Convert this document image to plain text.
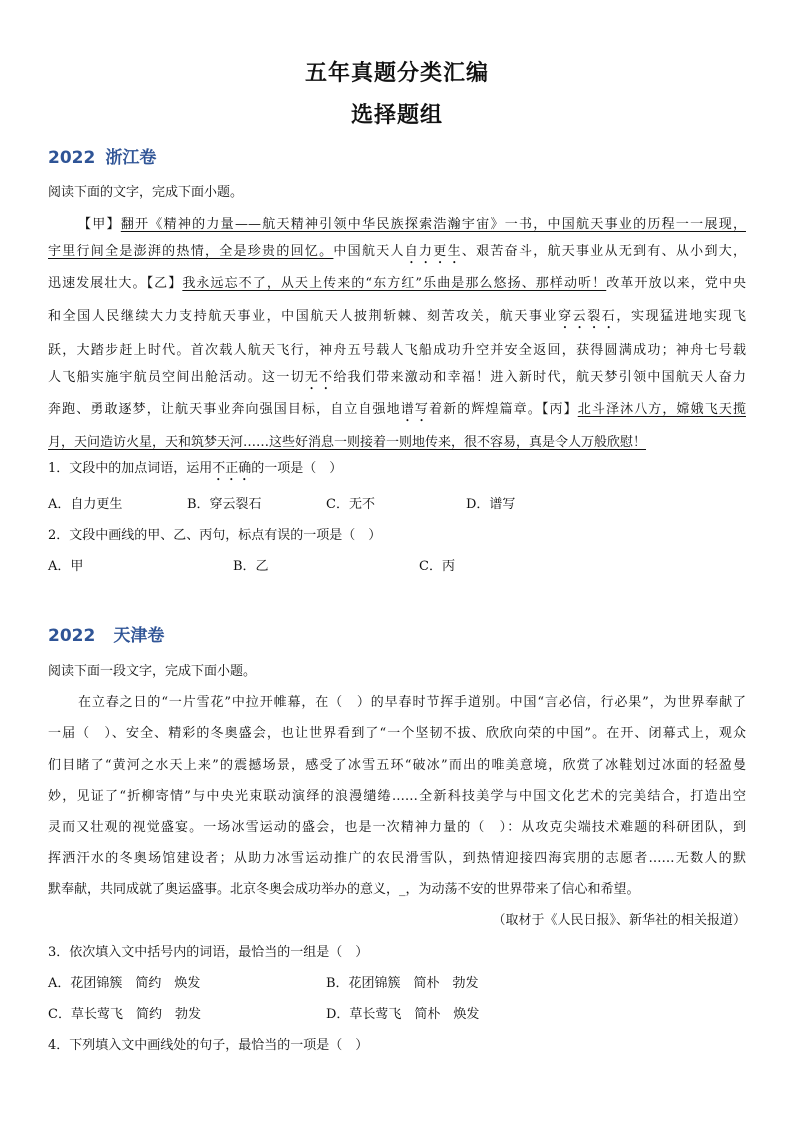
五年真题分类汇编
选择题组
2022 浙江卷
阅读下面的文字，完成下面小题。
【甲】翻开《精神的力量——航天精神引领中华民族探索浩瀚宇宙》一书，中国航天事业的历程一一展现，
宇里行间全是澎湃的热情，全是珍贵的回忆。中国航天人自力更生、艰苦奋斗，航天事业从无到有、从小到大，
迅速发展壮大。【乙】我永远忘不了，从天上传来的“东方红”乐曲是那么悠扬、那样动听！改革开放以来，党中央
和全国人民继续大力支持航天事业，中国航天人披荆斩棘、刻苦攻关，航天事业穿云裂石，实现猛进地实现飞
跃，大踏步赶上时代。首次载人航天飞行，神舟五号载人飞船成功升空并安全返回，获得圆满成功；神舟七号载
人飞船实施宇航员空间出舱活动。这一切无不给我们带来激动和幸福！进入新时代，航天梦引领中国航天人奋力
奔跑、勇敢逐梦，让航天事业奔向强国目标，自立自强地谱写着新的辉煌篇章。【丙】北斗泽沐八方，嫦娥飞天揽
月，天问造访火星，天和筑梦天河……这些好消息一则接着一则地传来，很不容易，真是令人万般欣慰！
1．文段中的加点词语，运用不正确的一项是（　）
A．自力更生	B．穿云裂石	C．无不	D．谱写
2．文段中画线的甲、乙、丙句，标点有误的一项是（　）
A．甲	B．乙	C．丙
2022 天津卷
阅读下面一段文字，完成下面小题。
在立春之日的“一片雪花”中拉开帷幕，在（　）的早春时节挥手道别。中国“言必信，行必果”，为世界奉献了
一届（　）、安全、精彩的冬奥盛会，也让世界看到了“一个坚韧不拔、欣欣向荣的中国”。在开、闭幕式上，观众
们目睹了“黄河之水天上来”的震撼场景，感受了冰雪五环“破冰”而出的唯美意境，欣赏了冰鞋划过冰面的轻盈曼
妙，见证了“折柳寄情”与中央光束联动演绎的浪漫缱绻……全新科技美学与中国文化艺术的完美结合，打造出空
灵而又壮观的视觉盛宴。一场冰雪运动的盛会，也是一次精神力量的（　）：从攻克尖端技术难题的科研团队，到
挥洒汗水的冬奥场馆建设者；从助力冰雪运动推广的农民滑雪队，到热情迎接四海宾朋的志愿者……无数人的默
默奉献，共同成就了奥运盛事。北京冬奥会成功举办的意义，_，为动荡不安的世界带来了信心和希望。
（取材于《人民日报》、新华社的相关报道）
3．依次填入文中括号内的词语，最恰当的一组是（　）
A．花团锦簇　简约　焕发	B．花团锦簇　简朴　勃发
C．草长莺飞　简约　勃发	D．草长莺飞　简朴　焕发
4．下列填入文中画线处的句子，最恰当的一项是（　）
